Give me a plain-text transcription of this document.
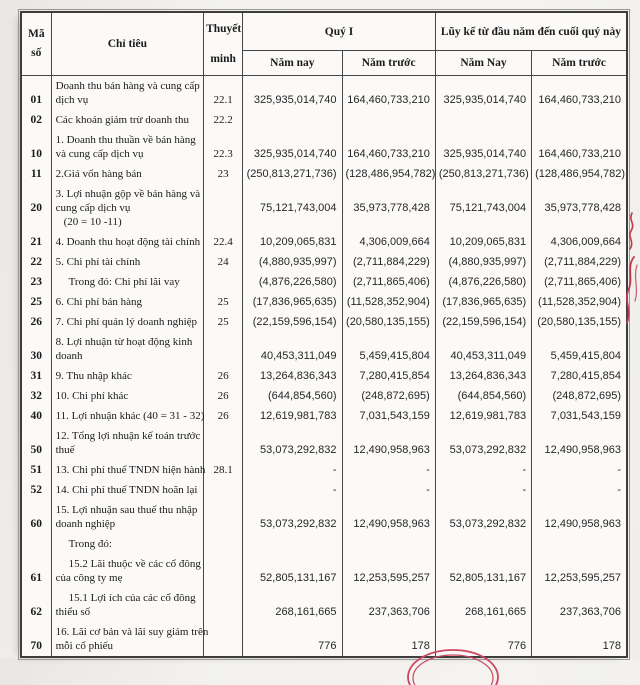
Mã số	Chỉ tiêu	Thuyết minh	Quý I		Lũy kế từ đầu năm đến cuối quý này	
			Năm nay	Năm trước	Năm Nay	Năm trước
01	Doanh thu bán hàng và cung cấp
dịch vụ	22.1	325,935,014,740	164,460,733,210	325,935,014,740	164,460,733,210
02	Các khoản giảm trừ doanh thu	22.2				
10	1. Doanh thu thuần về bán hàng
và cung cấp dịch vụ	22.3	325,935,014,740	164,460,733,210	325,935,014,740	164,460,733,210
11	2.Giá vốn hàng bán	23	(250,813,271,736)	(128,486,954,782)	(250,813,271,736)	(128,486,954,782)
20	3. Lợi nhuận gộp về bán hàng và
cung cấp dịch vụ
(20 = 10 -11)		75,121,743,004	35,973,778,428	75,121,743,004	35,973,778,428
21	4. Doanh thu hoạt động tài chính	22.4	10,209,065,831	4,306,009,664	10,209,065,831	4,306,009,664
22	5. Chi phí tài chính	24	(4,880,935,997)	(2,711,884,229)	(4,880,935,997)	(2,711,884,229)
23	Trong đó: Chi phí lãi vay		(4,876,226,580)	(2,711,865,406)	(4,876,226,580)	(2,711,865,406)
25	6. Chi phí bán hàng	25	(17,836,965,635)	(11,528,352,904)	(17,836,965,635)	(11,528,352,904)
26	7. Chi phí quản lý doanh nghiệp	25	(22,159,596,154)	(20,580,135,155)	(22,159,596,154)	(20,580,135,155)
30	8. Lợi nhuận từ hoạt động kinh
doanh		40,453,311,049	5,459,415,804	40,453,311,049	5,459,415,804
31	9. Thu nhập khác	26	13,264,836,343	7,280,415,854	13,264,836,343	7,280,415,854
32	10. Chi phí khác	26	(644,854,560)	(248,872,695)	(644,854,560)	(248,872,695)
40	11. Lợi nhuận khác (40 = 31 - 32)	26	12,619,981,783	7,031,543,159	12,619,981,783	7,031,543,159
50	12. Tổng lợi nhuận kế toán trước
thuế		53,073,292,832	12,490,958,963	53,073,292,832	12,490,958,963
51	13. Chi phí thuế TNDN hiện hành	28.1	-	-	-	-
52	14. Chi phí thuế TNDN hoãn lại		-	-	-	-
60	15. Lợi nhuận sau thuế thu nhập
doanh nghiệp		53,073,292,832	12,490,958,963	53,073,292,832	12,490,958,963

	Trong đó:					

61	15.2 Lãi thuộc về các cổ đông
của công ty mẹ		52,805,131,167	12,253,595,257	52,805,131,167	12,253,595,257
62	15.1 Lợi ích của các cổ đông
thiểu số		268,161,665	237,363,706	268,161,665	237,363,706
70	16. Lãi cơ bản và lãi suy giảm trên
mỗi cổ phiếu		776	178	776	178
